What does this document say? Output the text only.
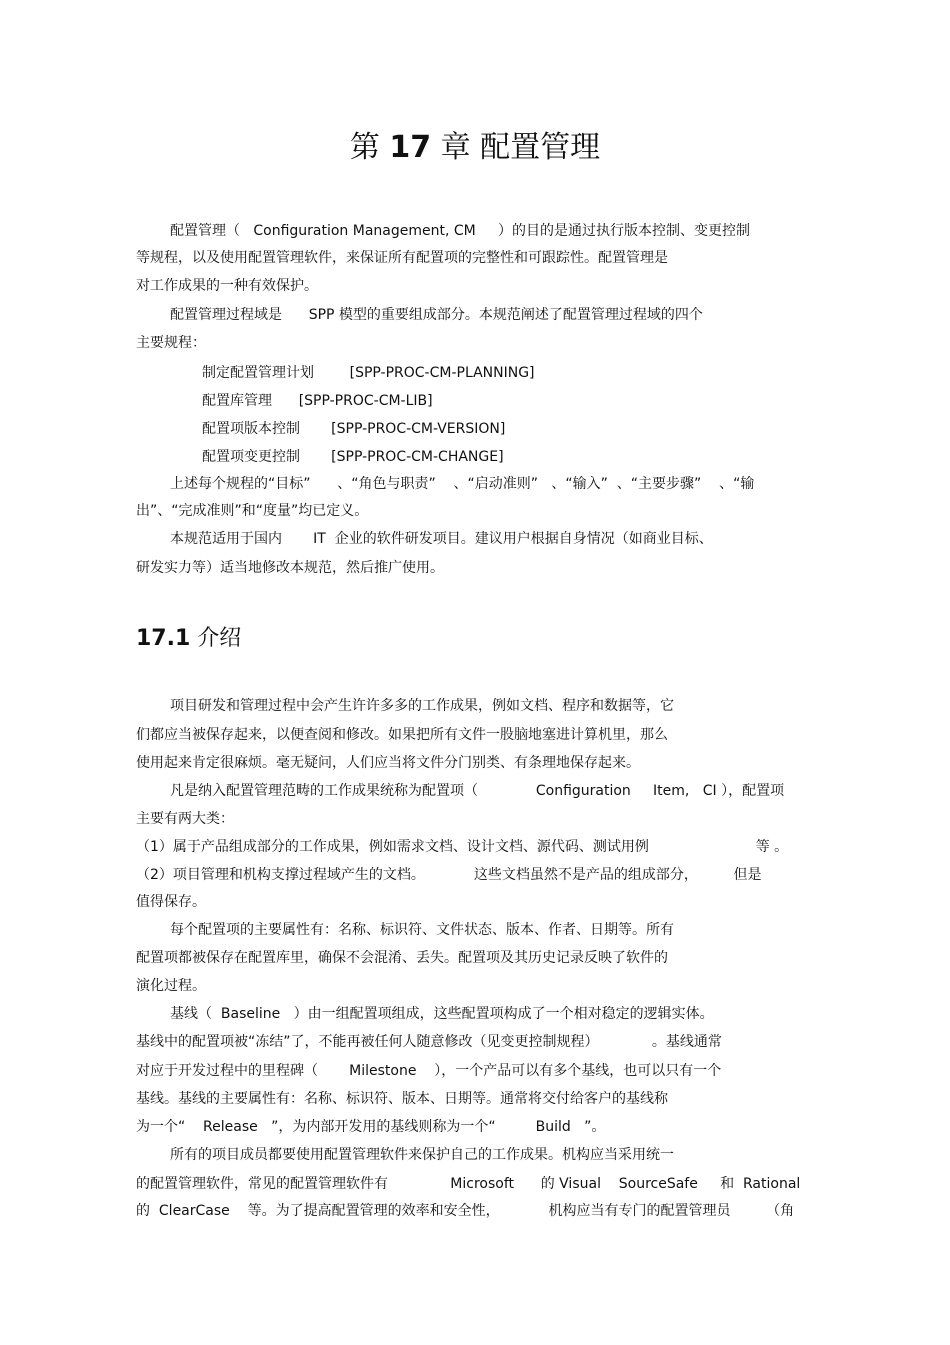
第 17 章 配置管理
配置管理（   Configuration Management, CM     ）的目的是通过执行版本控制、变更控制
等规程，以及使用配置管理软件，来保证所有配置项的完整性和可跟踪性。配置管理是
对工作成果的一种有效保护。
配置管理过程域是      SPP 模型的重要组成部分。本规范阐述了配置管理过程域的四个
主要规程：
制定配置管理计划        [SPP-PROC-CM-PLANNING]
配置库管理      [SPP-PROC-CM-LIB]
配置项版本控制       [SPP-PROC-CM-VERSION]
配置项变更控制       [SPP-PROC-CM-CHANGE]
上述每个规程的“目标”      、“角色与职责”    、“启动准则”   、“输入”  、“主要步骤”    、“输
出”、“完成准则”和“度量”均已定义。
本规范适用于国内       IT  企业的软件研发项目。建议用户根据自身情况（如商业目标、
研发实力等）适当地修改本规范，然后推广使用。
17.1 介绍
项目研发和管理过程中会产生许许多多的工作成果，例如文档、程序和数据等，它
们都应当被保存起来，以便查阅和修改。如果把所有文件一股脑地塞进计算机里，那么
使用起来肯定很麻烦。毫无疑问，人们应当将文件分门别类、有条理地保存起来。
凡是纳入配置管理范畴的工作成果统称为配置项（             Configuration     Item,   CI ），配置项
主要有两大类：
（1）属于产品组成部分的工作成果，例如需求文档、设计文档、源代码、测试用例                        等 。
（2）项目管理和机构支撑过程域产生的文档。           这些文档虽然不是产品的组成部分，        但是
值得保存。
每个配置项的主要属性有：名称、标识符、文件状态、版本、作者、日期等。所有
配置项都被保存在配置库里，确保不会混淆、丢失。配置项及其历史记录反映了软件的
演化过程。
基线（  Baseline   ）由一组配置项组成，这些配置项构成了一个相对稳定的逻辑实体。
基线中的配置项被“冻结”了，不能再被任何人随意修改（见变更控制规程）            。基线通常
对应于开发过程中的里程碑（       Milestone    ），一个产品可以有多个基线，也可以只有一个
基线。基线的主要属性有：名称、标识符、版本、日期等。通常将交付给客户的基线称
为一个“    Release   ”，为内部开发用的基线则称为一个“         Build   ”。
所有的项目成员都要使用配置管理软件来保护自己的工作成果。机构应当采用统一
的配置管理软件，常见的配置管理软件有              Microsoft      的 Visual    SourceSafe     和  Rational
的  ClearCase    等。为了提高配置管理的效率和安全性，           机构应当有专门的配置管理员        （角
